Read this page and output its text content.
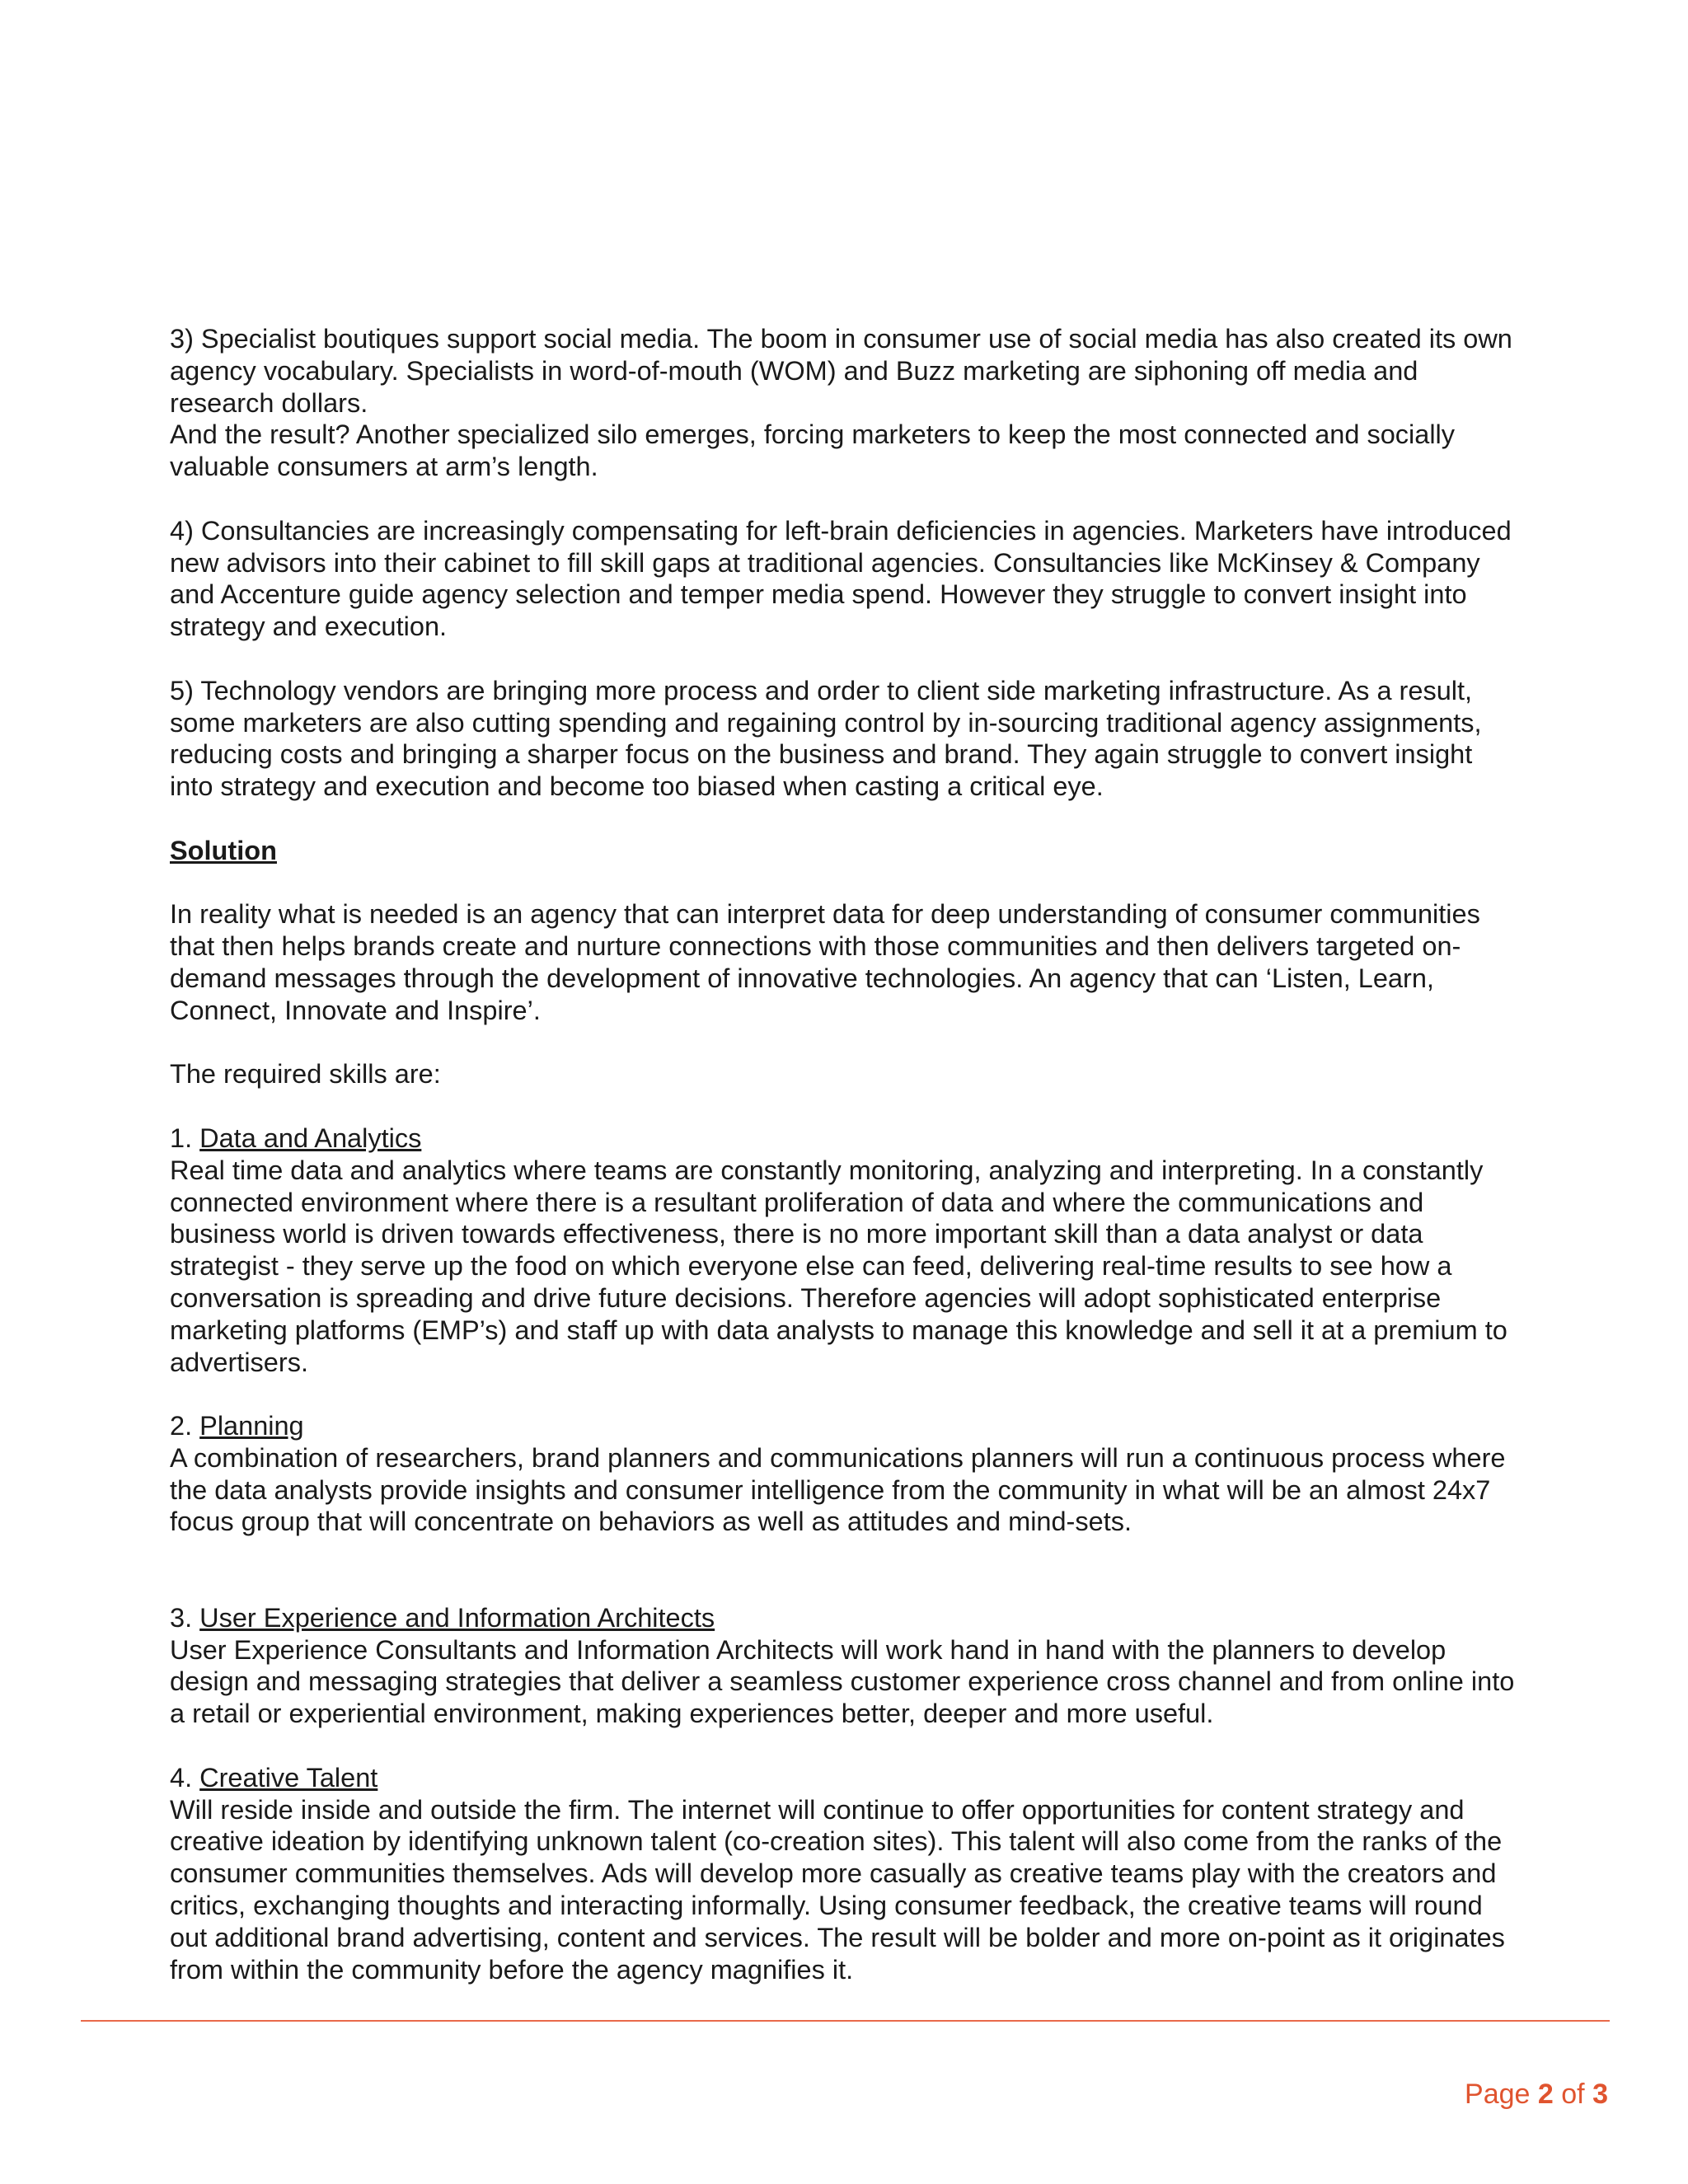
3) Specialist boutiques support social media. The boom in consumer use of social media has also created its own agency vocabulary. Specialists in word-of-mouth (WOM) and Buzz marketing are siphoning off media and research dollars.

And the result? Another specialized silo emerges, forcing marketers to keep the most connected and socially valuable consumers at arm’s length.

4) Consultancies are increasingly compensating for left-brain deficiencies in agencies. Marketers have introduced new advisors into their cabinet to fill skill gaps at traditional agencies. Consultancies like McKinsey & Company and Accenture guide agency selection and temper media spend. However they struggle to convert insight into strategy and execution.

5) Technology vendors are bringing more process and order to client side marketing infrastructure. As a result, some marketers are also cutting spending and regaining control by in-sourcing traditional agency assignments, reducing costs and bringing a sharper focus on the business and brand. They again struggle to convert insight into strategy and execution and become too biased when casting a critical eye.

Solution

In reality what is needed is an agency that can interpret data for deep understanding of consumer communities that then helps brands create and nurture connections with those communities and then delivers targeted on-demand messages through the development of innovative technologies. An agency that can ‘Listen, Learn, Connect, Innovate and Inspire’.

The required skills are:

1. Data and Analytics

Real time data and analytics where teams are constantly monitoring, analyzing and interpreting. In a constantly connected environment where there is a resultant proliferation of data and where the communications and business world is driven towards effectiveness, there is no more important skill than a data analyst or data strategist - they serve up the food on which everyone else can feed, delivering real-time results to see how a conversation is spreading and drive future decisions. Therefore agencies will adopt sophisticated enterprise marketing platforms (EMP’s) and staff up with data analysts to manage this knowledge and sell it at a premium to advertisers.

2. Planning

A combination of researchers, brand planners and communications planners will run a continuous process where the data analysts provide insights and consumer intelligence from the community in what will be an almost 24x7 focus group that will concentrate on behaviors as well as attitudes and mind-sets.

3. User Experience and Information Architects

User Experience Consultants and Information Architects will work hand in hand with the planners to develop design and messaging strategies that deliver a seamless customer experience cross channel and from online into a retail or experiential environment, making experiences better, deeper and more useful.

4. Creative Talent

Will reside inside and outside the firm. The internet will continue to offer opportunities for content strategy and creative ideation by identifying unknown talent (co-creation sites). This talent will also come from the ranks of the consumer communities themselves. Ads will develop more casually as creative teams play with the creators and critics, exchanging thoughts and interacting informally. Using consumer feedback, the creative teams will round out additional brand advertising, content and services. The result will be bolder and more on-point as it originates from within the community before the agency magnifies it.

Page 2 of 3
